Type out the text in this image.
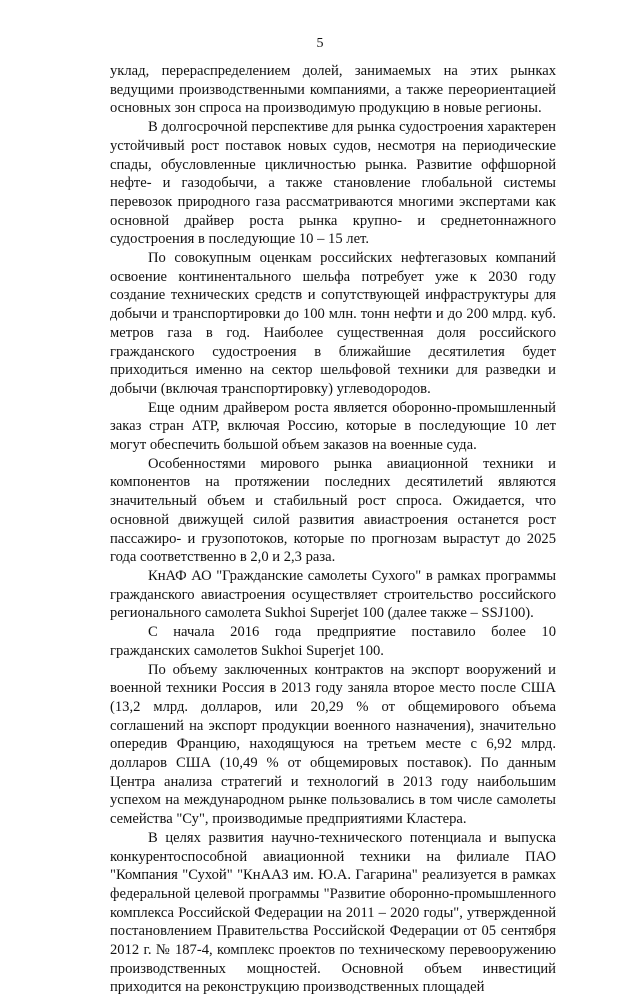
5

уклад, перераспределением долей, занимаемых на этих рынках ведущими производственными компаниями, а также переориентацией основных зон спроса на производимую продукцию в новые регионы.

В долгосрочной перспективе для рынка судостроения характерен устойчивый рост поставок новых судов, несмотря на периодические спады, обусловленные цикличностью рынка. Развитие оффшорной нефте- и газодобычи, а также становление глобальной системы перевозок природного газа рассматриваются многими экспертами как основной драйвер роста рынка крупно- и среднетоннажного судостроения в последующие 10 – 15 лет.

По совокупным оценкам российских нефтегазовых компаний освоение континентального шельфа потребует уже к 2030 году создание технических средств и сопутствующей инфраструктуры для добычи и транспортировки до 100 млн. тонн нефти и до 200 млрд. куб. метров газа в год. Наиболее существенная доля российского гражданского судостроения в ближайшие десятилетия будет приходиться именно на сектор шельфовой техники для разведки и добычи (включая транспортировку) углеводородов.

Еще одним драйвером роста является оборонно-промышленный заказ стран АТР, включая Россию, которые в последующие 10 лет могут обеспечить большой объем заказов на военные суда.

Особенностями мирового рынка авиационной техники и компонентов на протяжении последних десятилетий являются значительный объем и стабильный рост спроса. Ожидается, что основной движущей силой развития авиастроения останется рост пассажиро- и грузопотоков, которые по прогнозам вырастут до 2025 года соответственно в 2,0 и 2,3 раза.

КнАФ АО "Гражданские самолеты Сухого" в рамках программы гражданского авиастроения осуществляет строительство российского регионального самолета Sukhoi Superjet 100 (далее также – SSJ100).

С начала 2016 года предприятие поставило более 10 гражданских самолетов Sukhoi Superjet 100.

По объему заключенных контрактов на экспорт вооружений и военной техники Россия в 2013 году заняла второе место после США (13,2 млрд. долларов, или 20,29 % от общемирового объема соглашений на экспорт продукции военного назначения), значительно опередив Францию, находящуюся на третьем месте с 6,92 млрд. долларов США (10,49 % от общемировых поставок). По данным Центра анализа стратегий и технологий в 2013 году наибольшим успехом на международном рынке пользовались в том числе самолеты семейства "Су", производимые предприятиями Кластера.

В целях развития научно-технического потенциала и выпуска конкурентоспособной авиационной техники на филиале ПАО "Компания "Сухой" "КнААЗ им. Ю.А. Гагарина" реализуется в рамках федеральной целевой программы "Развитие оборонно-промышленного комплекса Российской Федерации на 2011 – 2020 годы", утвержденной постановлением Правительства Российской Федерации от 05 сентября 2012 г. № 187-4, комплекс проектов по техническому перевооружению производственных мощностей. Основной объем инвестиций приходится на реконструкцию производственных площадей
